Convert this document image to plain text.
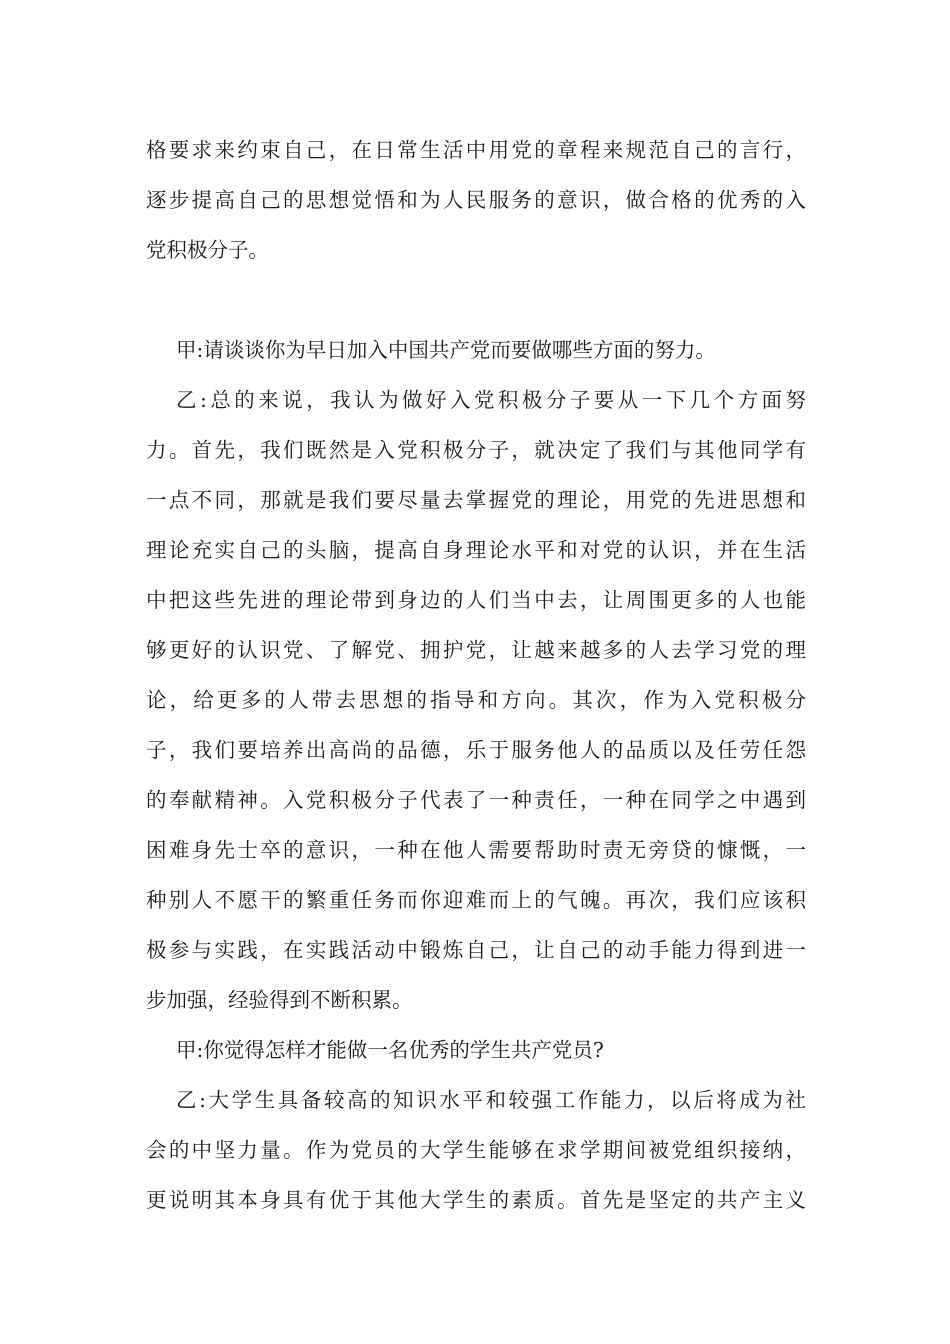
格要求来约束自己，在日常生活中用党的章程来规范自己的言行，

逐步提高自己的思想觉悟和为人民服务的意识，做合格的优秀的入

党积极分子。

甲:请谈谈你为早日加入中国共产党而要做哪些方面的努力。

乙:总的来说，我认为做好入党积极分子要从一下几个方面努

力。首先，我们既然是入党积极分子，就决定了我们与其他同学有

一点不同，那就是我们要尽量去掌握党的理论，用党的先进思想和

理论充实自己的头脑，提高自身理论水平和对党的认识，并在生活

中把这些先进的理论带到身边的人们当中去，让周围更多的人也能

够更好的认识党、了解党、拥护党，让越来越多的人去学习党的理

论，给更多的人带去思想的指导和方向。其次，作为入党积极分

子，我们要培养出高尚的品德，乐于服务他人的品质以及任劳任怨

的奉献精神。入党积极分子代表了一种责任，一种在同学之中遇到

困难身先士卒的意识，一种在他人需要帮助时责无旁贷的慷慨，一

种别人不愿干的繁重任务而你迎难而上的气魄。再次，我们应该积

极参与实践，在实践活动中锻炼自己，让自己的动手能力得到进一

步加强，经验得到不断积累。

甲:你觉得怎样才能做一名优秀的学生共产党员?

乙:大学生具备较高的知识水平和较强工作能力，以后将成为社

会的中坚力量。作为党员的大学生能够在求学期间被党组织接纳，

更说明其本身具有优于其他大学生的素质。首先是坚定的共产主义
